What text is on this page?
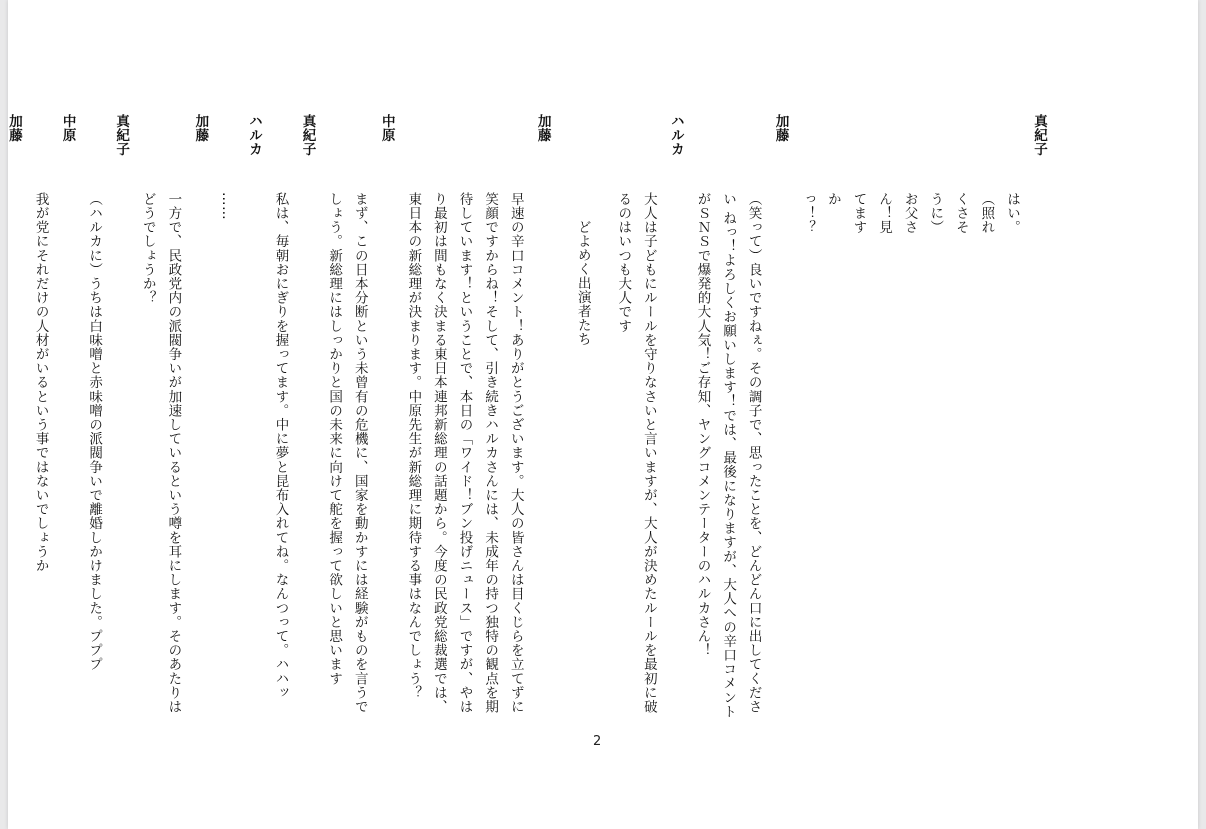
真紀子
はい。（照れくさそうに）お父さん！見てますかっ！？
加藤
（笑って）良いですねぇ。その調子で、思ったことを、どんどん口に出してください ねっ！よろしくお願いします！では、最後になりますが、大人への辛口コメントがＳＮＳで爆発的大人気！ご存知、ヤングコメンテーターのハルカさん！
ハルカ
大人は子どもにルールを守りなさいと言いますが、大人が決めたルールを最初に破るのはいつも大人です
どよめく出演者たち
加藤
早速の辛口コメント！ありがとうございます。大人の皆さんは目くじらを立てずに笑顔ですからね！そして、引き続きハルカさんには、未成年の持つ独特の観点を期待しています！ということで、本日の「ワイド！ブン投げニュース」ですが、やはり最初は間もなく決まる東日本連邦新総理の話題から。今度の民政党総裁選では、東日本の新総理が決まります。中原先生が新総理に期待する事はなんでしょう？
中原
まず、この日本分断という未曾有の危機に、国家を動かすには経験がものを言うでしょう。新総理にはしっかりと国の未来に向けて舵を握って欲しいと思います
真紀子
私は、毎朝おにぎりを握ってます。中に夢と昆布入れてね。なんつって。ハハッ
ハルカ
……
加藤
一方で、民政党内の派閥争いが加速しているという噂を耳にします。そのあたりはどうでしょうか？
真紀子
（ハルカに）うちは白味噌と赤味噌の派閥争いで離婚しかけました。プププ
中原
我が党にそれだけの人材がいるという事ではないでしょうか
加藤
2
